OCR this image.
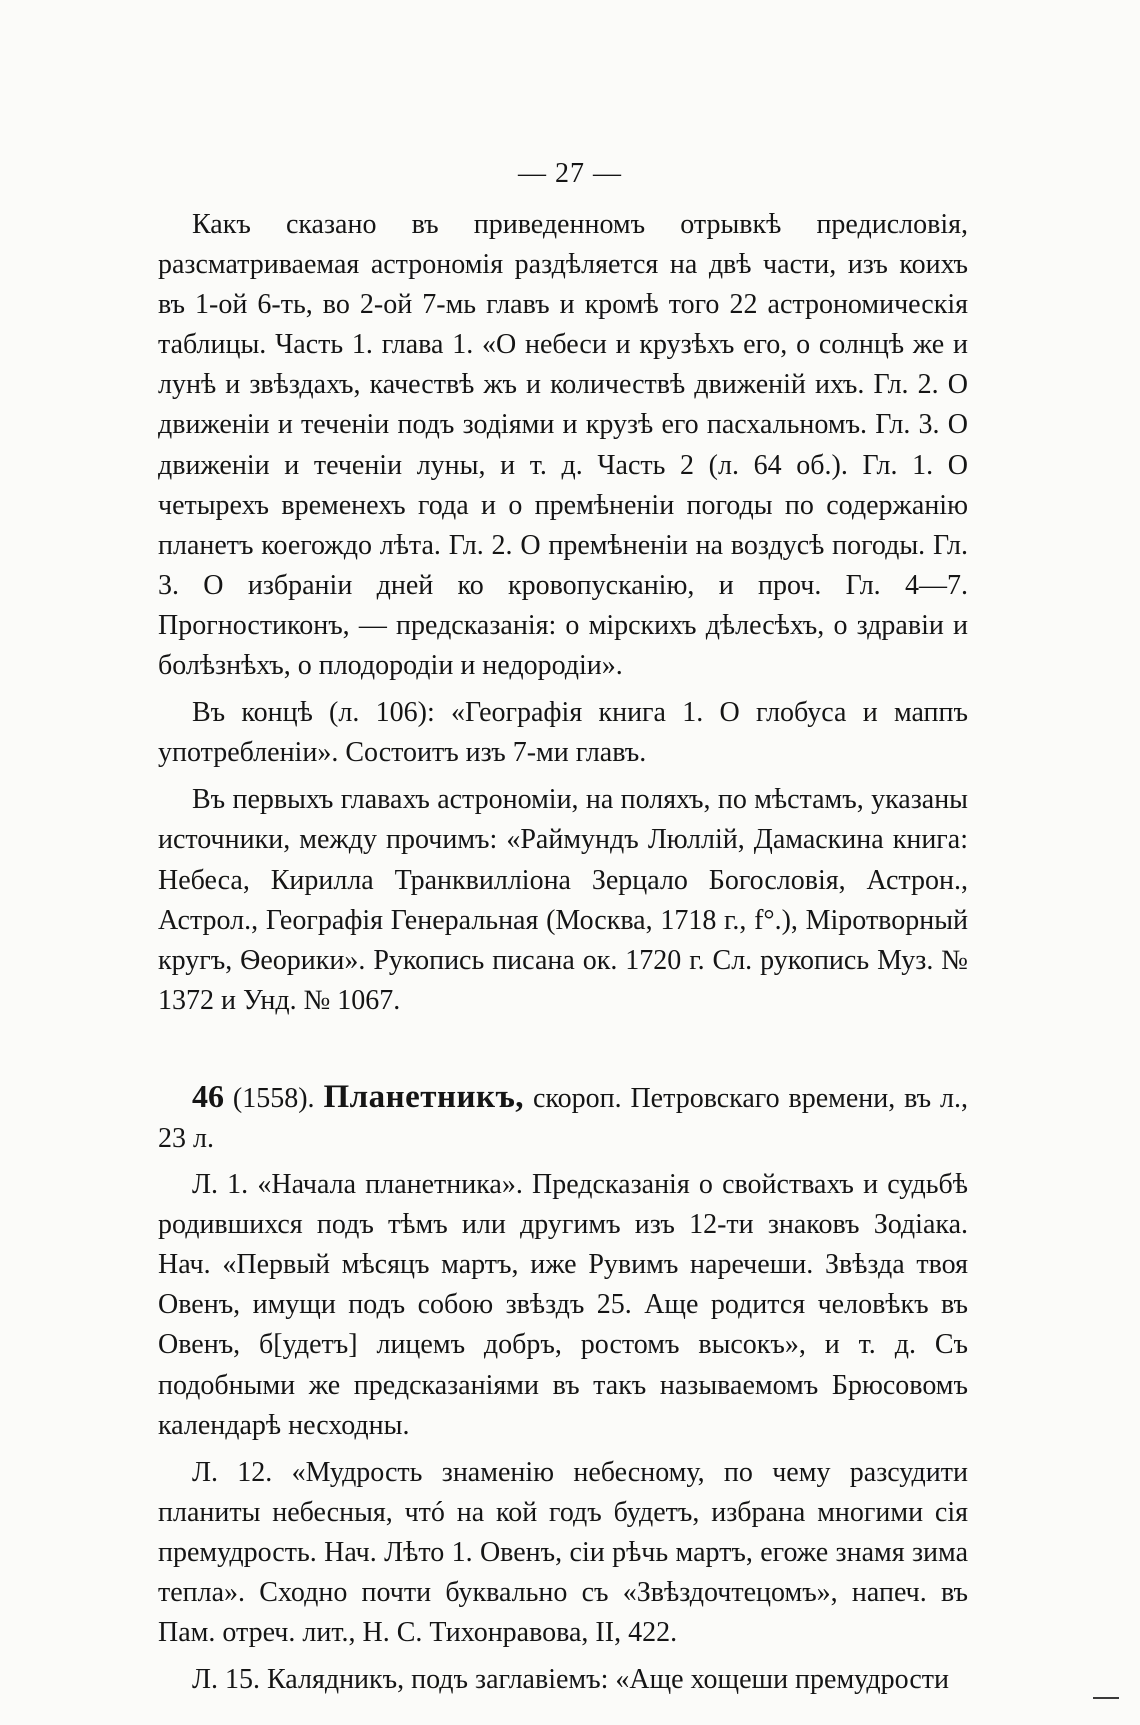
— 27 —

Какъ сказано въ приведенномъ отрывкѣ предисловія, разсматриваемая астрономія раздѣляется на двѣ части, изъ коихъ въ 1-ой 6-ть, во 2-ой 7-мь главъ и кромѣ того 22 астрономическія таблицы. Часть 1. глава 1. «О небеси и крузѣхъ его, о солнцѣ же и лунѣ и звѣздахъ, качествѣ жъ и количествѣ движеній ихъ. Гл. 2. О движеніи и теченіи подъ зодіями и крузѣ его пасхальномъ. Гл. 3. О движеніи и теченіи луны, и т. д. Часть 2 (л. 64 об.). Гл. 1. О четырехъ временехъ года и о премѣненіи погоды по содержанію планетъ коегождо лѣта. Гл. 2. О премѣненіи на воздусѣ погоды. Гл. 3. О избраніи дней ко кровопусканію, и проч. Гл. 4—7. Прогностиконъ, — предсказанія: о мірскихъ дѣлесѣхъ, о здравіи и болѣзнѣхъ, о плодородіи и недородіи».

Въ концѣ (л. 106): «Географія книга 1. О глобуса и маппъ употребленіи». Состоитъ изъ 7-ми главъ.

Въ первыхъ главахъ астрономіи, на поляхъ, по мѣстамъ, указаны источники, между прочимъ: «Раймундъ Люллій, Дамаскина книга: Небеса, Кирилла Транквилліона Зерцало Богословія, Астрон., Астрол., Географія Генеральная (Москва, 1718 г., f°.), Міротворный кругъ, Ѳеорики». Рукопись писана ок. 1720 г. Сл. рукопись Муз. № 1372 и Унд. № 1067.

46 (1558). Планетникъ, скороп. Петровскаго времени, въ л., 23 л.

Л. 1. «Начала планетника». Предсказанія о свойствахъ и судьбѣ родившихся подъ тѣмъ или другимъ изъ 12-ти знаковъ Зодіака. Нач. «Первый мѣсяцъ мартъ, иже Рувимъ наречеши. Звѣзда твоя Овенъ, имущи подъ собою звѣздъ 25. Аще родится человѣкъ въ Овенъ, б[удетъ] лицемъ добръ, ростомъ высокъ», и т. д. Съ подобными же предсказаніями въ такъ называемомъ Брюсовомъ календарѣ несходны.

Л. 12. «Мудрость знаменію небесному, по чему разсудити планиты небесныя, чтó на кой годъ будетъ, избрана многими сія премудрость. Нач. Лѣто 1. Овенъ, сіи рѣчь мартъ, егоже знамя зима тепла». Сходно почти буквально съ «Звѣздочтецомъ», напеч. въ Пам. отреч. лит., Н. С. Тихонравова, II, 422.

Л. 15. Калядникъ, подъ заглавіемъ: «Аще хощеши премудрости
